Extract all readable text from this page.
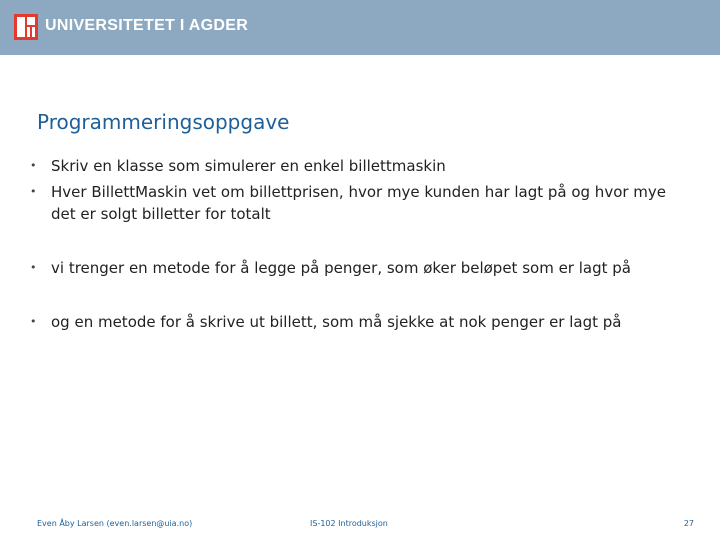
UNIVERSITETET I AGDER
Programmeringsoppgave
• Skriv en klasse som simulerer en enkel billettmaskin
• Hver BillettMaskin vet om billettprisen, hvor mye kunden har lagt på og hvor mye det er solgt billetter for totalt
• vi trenger en metode for å legge på penger, som øker beløpet som er lagt på
• og en metode for å skrive ut billett, som må sjekke at nok penger er lagt på
Even Åby Larsen (even.larsen@uia.no)	IS-102 Introduksjon	27
